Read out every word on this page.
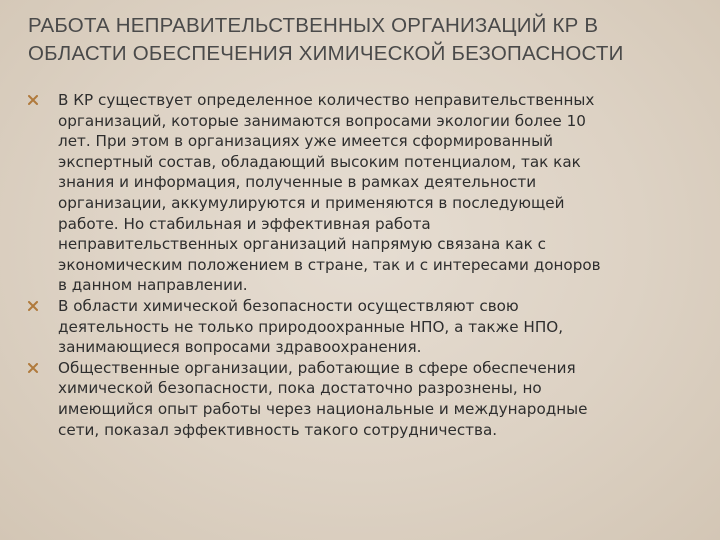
РАБОТА НЕПРАВИТЕЛЬСТВЕННЫХ ОРГАНИЗАЦИЙ КР В
ОБЛАСТИ ОБЕСПЕЧЕНИЯ ХИМИЧЕСКОЙ БЕЗОПАСНОСТИ
В КР существует определенное количество неправительственных
организаций, которые занимаются вопросами экологии более 10
лет. При этом в организациях уже имеется сформированный
экспертный состав, обладающий высоким потенциалом, так как
знания и информация, полученные в рамках деятельности
организации, аккумулируются и применяются в последующей
работе. Но стабильная и эффективная работа
неправительственных организаций напрямую связана как с
экономическим положением в стране, так и с интересами доноров
в данном направлении.
В области химической безопасности осуществляют свою
деятельность не только природоохранные НПО, а также НПО,
занимающиеся вопросами здравоохранения.
Общественные организации, работающие в сфере обеспечения
химической безопасности, пока достаточно разрознены, но
имеющийся опыт работы через национальные и международные
сети, показал эффективность такого сотрудничества.
